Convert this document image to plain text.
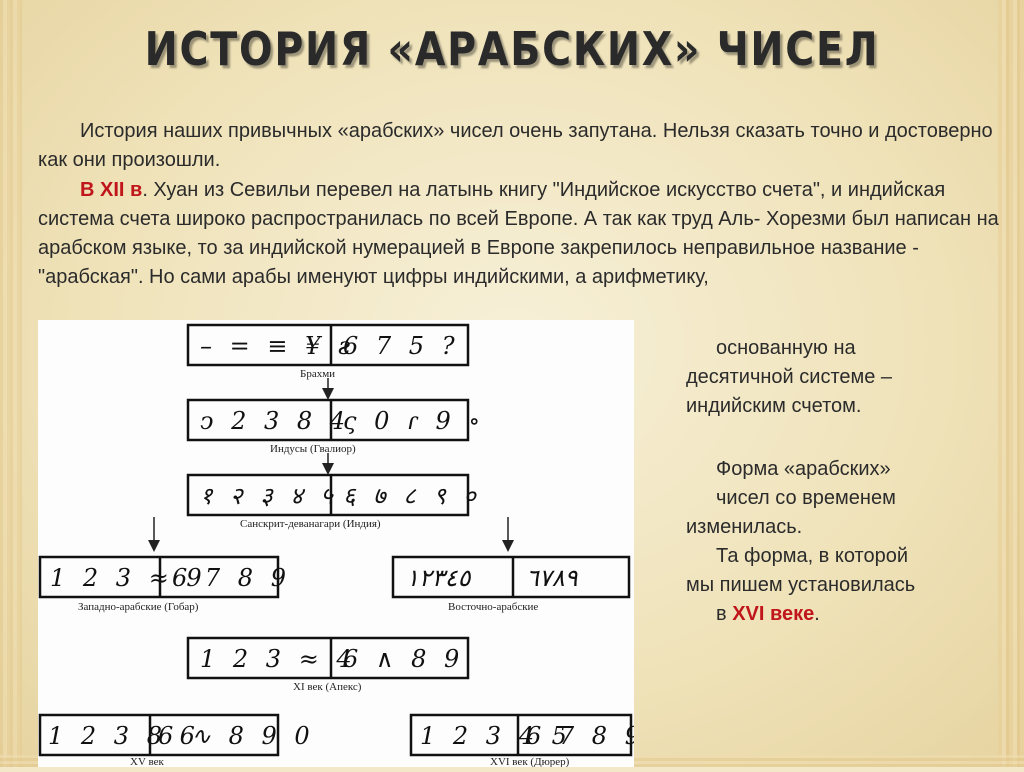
ИСТОРИЯ «АРАБСКИХ» ЧИСЕЛ

История наших привычных «арабских» чисел очень запутана. Нельзя сказать точно и достоверно как они произошли.

В XII в. Хуан из Севильи перевел на латынь книгу "Индийское искусство счета", и индийская система счета широко распространилась по всей Европе. А так как труд Аль- Хорезми был написан на арабском языке, то за индийской нумерацией в Европе закрепилось неправильное название - "арабская". Но сами арабы именуют цифры индийскими, а арифметику,

– = ≡ ¥ ƨ
6 7 5 ?
Брахми
ↄ 2 3 8 4
ς 0 ɾ 9 ∘
Индусы (Гвалиор)
१ २ ३ ४ ५ ६ ७ ८ ९ ०
Санскрит-деванагари (Индия)
1 2 3 ≈ 9
6 7 8 9
Западно-арабские (Гобар)
١٢٣٤٥ ٦٧٨٩
Восточно-арабские
1 2 3 ≈ 4
6 ∧ 8 9
XI век (Апекс)
1 2 3 8 6
6 ∿ 8 9 0
XV век
1 2 3 4 5
6 7 8
XVI век (Дюрер)
основанную на
десятичной системе –
индийским счетом.
Форма «арабских»
чисел со временем
изменилась.
Та форма, в которой
мы пишем установилась
в XVI веке.
